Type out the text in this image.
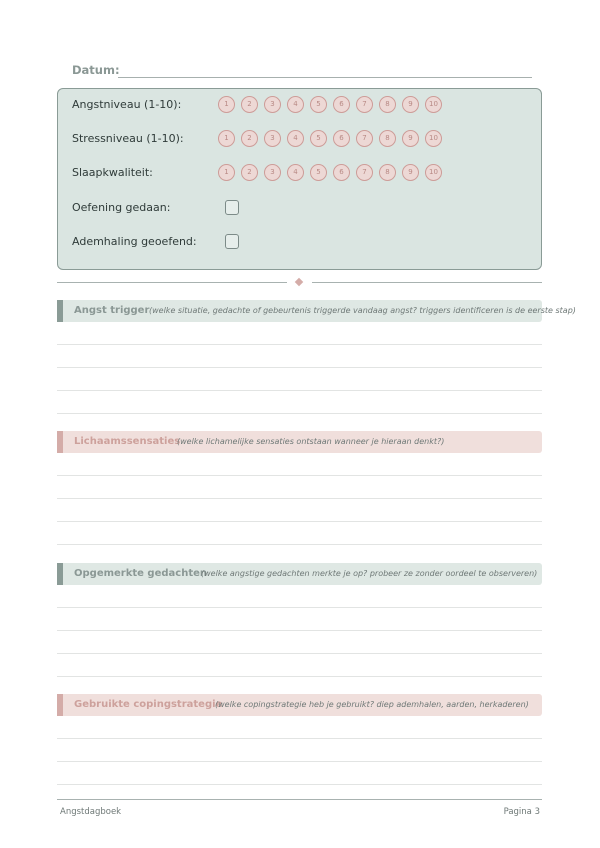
Datum:
Angstniveau (1-10):	1	2	3	4	5	6	7	8	9 10
Stressniveau (1-10):	1	2	3	4	5	6	7	8	9 10
Slaapkwaliteit:	1	2	3	4	5	6	7	8	9 10
Oefening gedaan:
Ademhaling geoefend:
Angst trigger (welke situatie, gedachte of gebeurtenis triggerde vandaag angst? triggers identificeren is de eerste stap)
Lichaamssensaties
(welke lichamelijke sensaties ontstaan wanneer je hieraan denkt?)
Opgemerkte gedachten
(welke angstige gedachten merkte je op? probeer ze zonder oordeel te observeren)
Gebruikte copingstrategie
(welke copingstrategie heb je gebruikt? diep ademhalen, aarden, herkaderen)
Angstdagboek	Pagina 3
